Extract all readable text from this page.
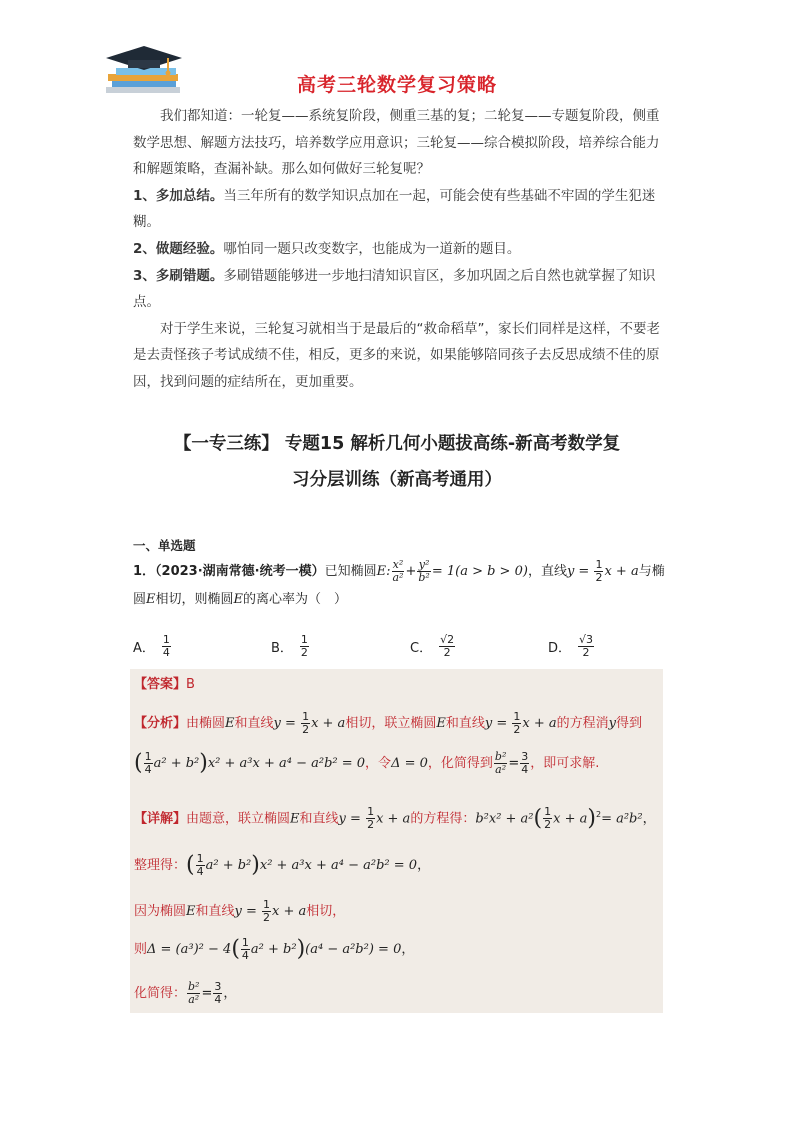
高考三轮数学复习策略

我们都知道：一轮复——系统复阶段，侧重三基的复；二轮复——专题复阶段，侧重数学思想、解题方法技巧，培养数学应用意识；三轮复——综合模拟阶段，培养综合能力和解题策略，查漏补缺。那么如何做好三轮复呢？

1、多加总结。当三年所有的数学知识点加在一起，可能会使有些基础不牢固的学生犯迷糊。

2、做题经验。哪怕同一题只改变数字，也能成为一道新的题目。

3、多刷错题。多刷错题能够进一步地扫清知识盲区，多加巩固之后自然也就掌握了知识点。

对于学生来说，三轮复习就相当于是最后的“救命稻草”，家长们同样是这样，不要老是去责怪孩子考试成绩不佳，相反，更多的来说，如果能够陪同孩子去反思成绩不佳的原因，找到问题的症结所在，更加重要。

【一专三练】 专题15 解析几何小题拔高练-新高考数学复
习分层训练（新高考通用）
一、单选题
1．（2023·湖南常德·统考一模）已知椭圆E: $\frac{\text{x²}}{\text{a²}} + \frac{\text{y²}}{\text{b²}} = 1(a > b > 0)$，直线$y = \frac{1}{2}$ x + a与椭
圆E相切，则椭圆E的离心率为（　）
A． $\frac{1}{4}$	B． $\frac{1}{2}$	C． $\frac{√2}{2}$	D． $\frac{√3}{2}$
【答案】B
【分析】由椭圆E和直线$y = \frac{1}{2}$ x + a相切，联立椭圆E和直线$y = \frac{1}{2}$ x + a的方程消y得到
( $\frac{1}{4} a^2 + b^2)x^2 + a^3x + a^4 - a^2b^2 = 0$，令Δ = 0，化简得到 $\frac{\text{b²}}{\text{a²}} = \frac{3}{4}$ ，即可求解.
【详解】由题意，联立椭圆E和直线$y = \frac{1}{2}$ x + a的方程得：$b^2x^2 + a^2( \frac{1}{2}$ $x + a)^2= a^2b^2$，
整理得：( $\frac{1}{4} a^2 + b^2)x^2 + a^3x + a^4 - a^2b^2 = 0$，
因为椭圆E和直线$y = \frac{1}{2}$ x + a相切，
则$\Delta = (a^3)^2 - 4( \frac{1}{4} a^2 + b^2)(a^4 - a^2b^2) = 0$，
化简得： $\frac{\text{b²}}{\text{a²}} = \frac{3}{4}$ ，
